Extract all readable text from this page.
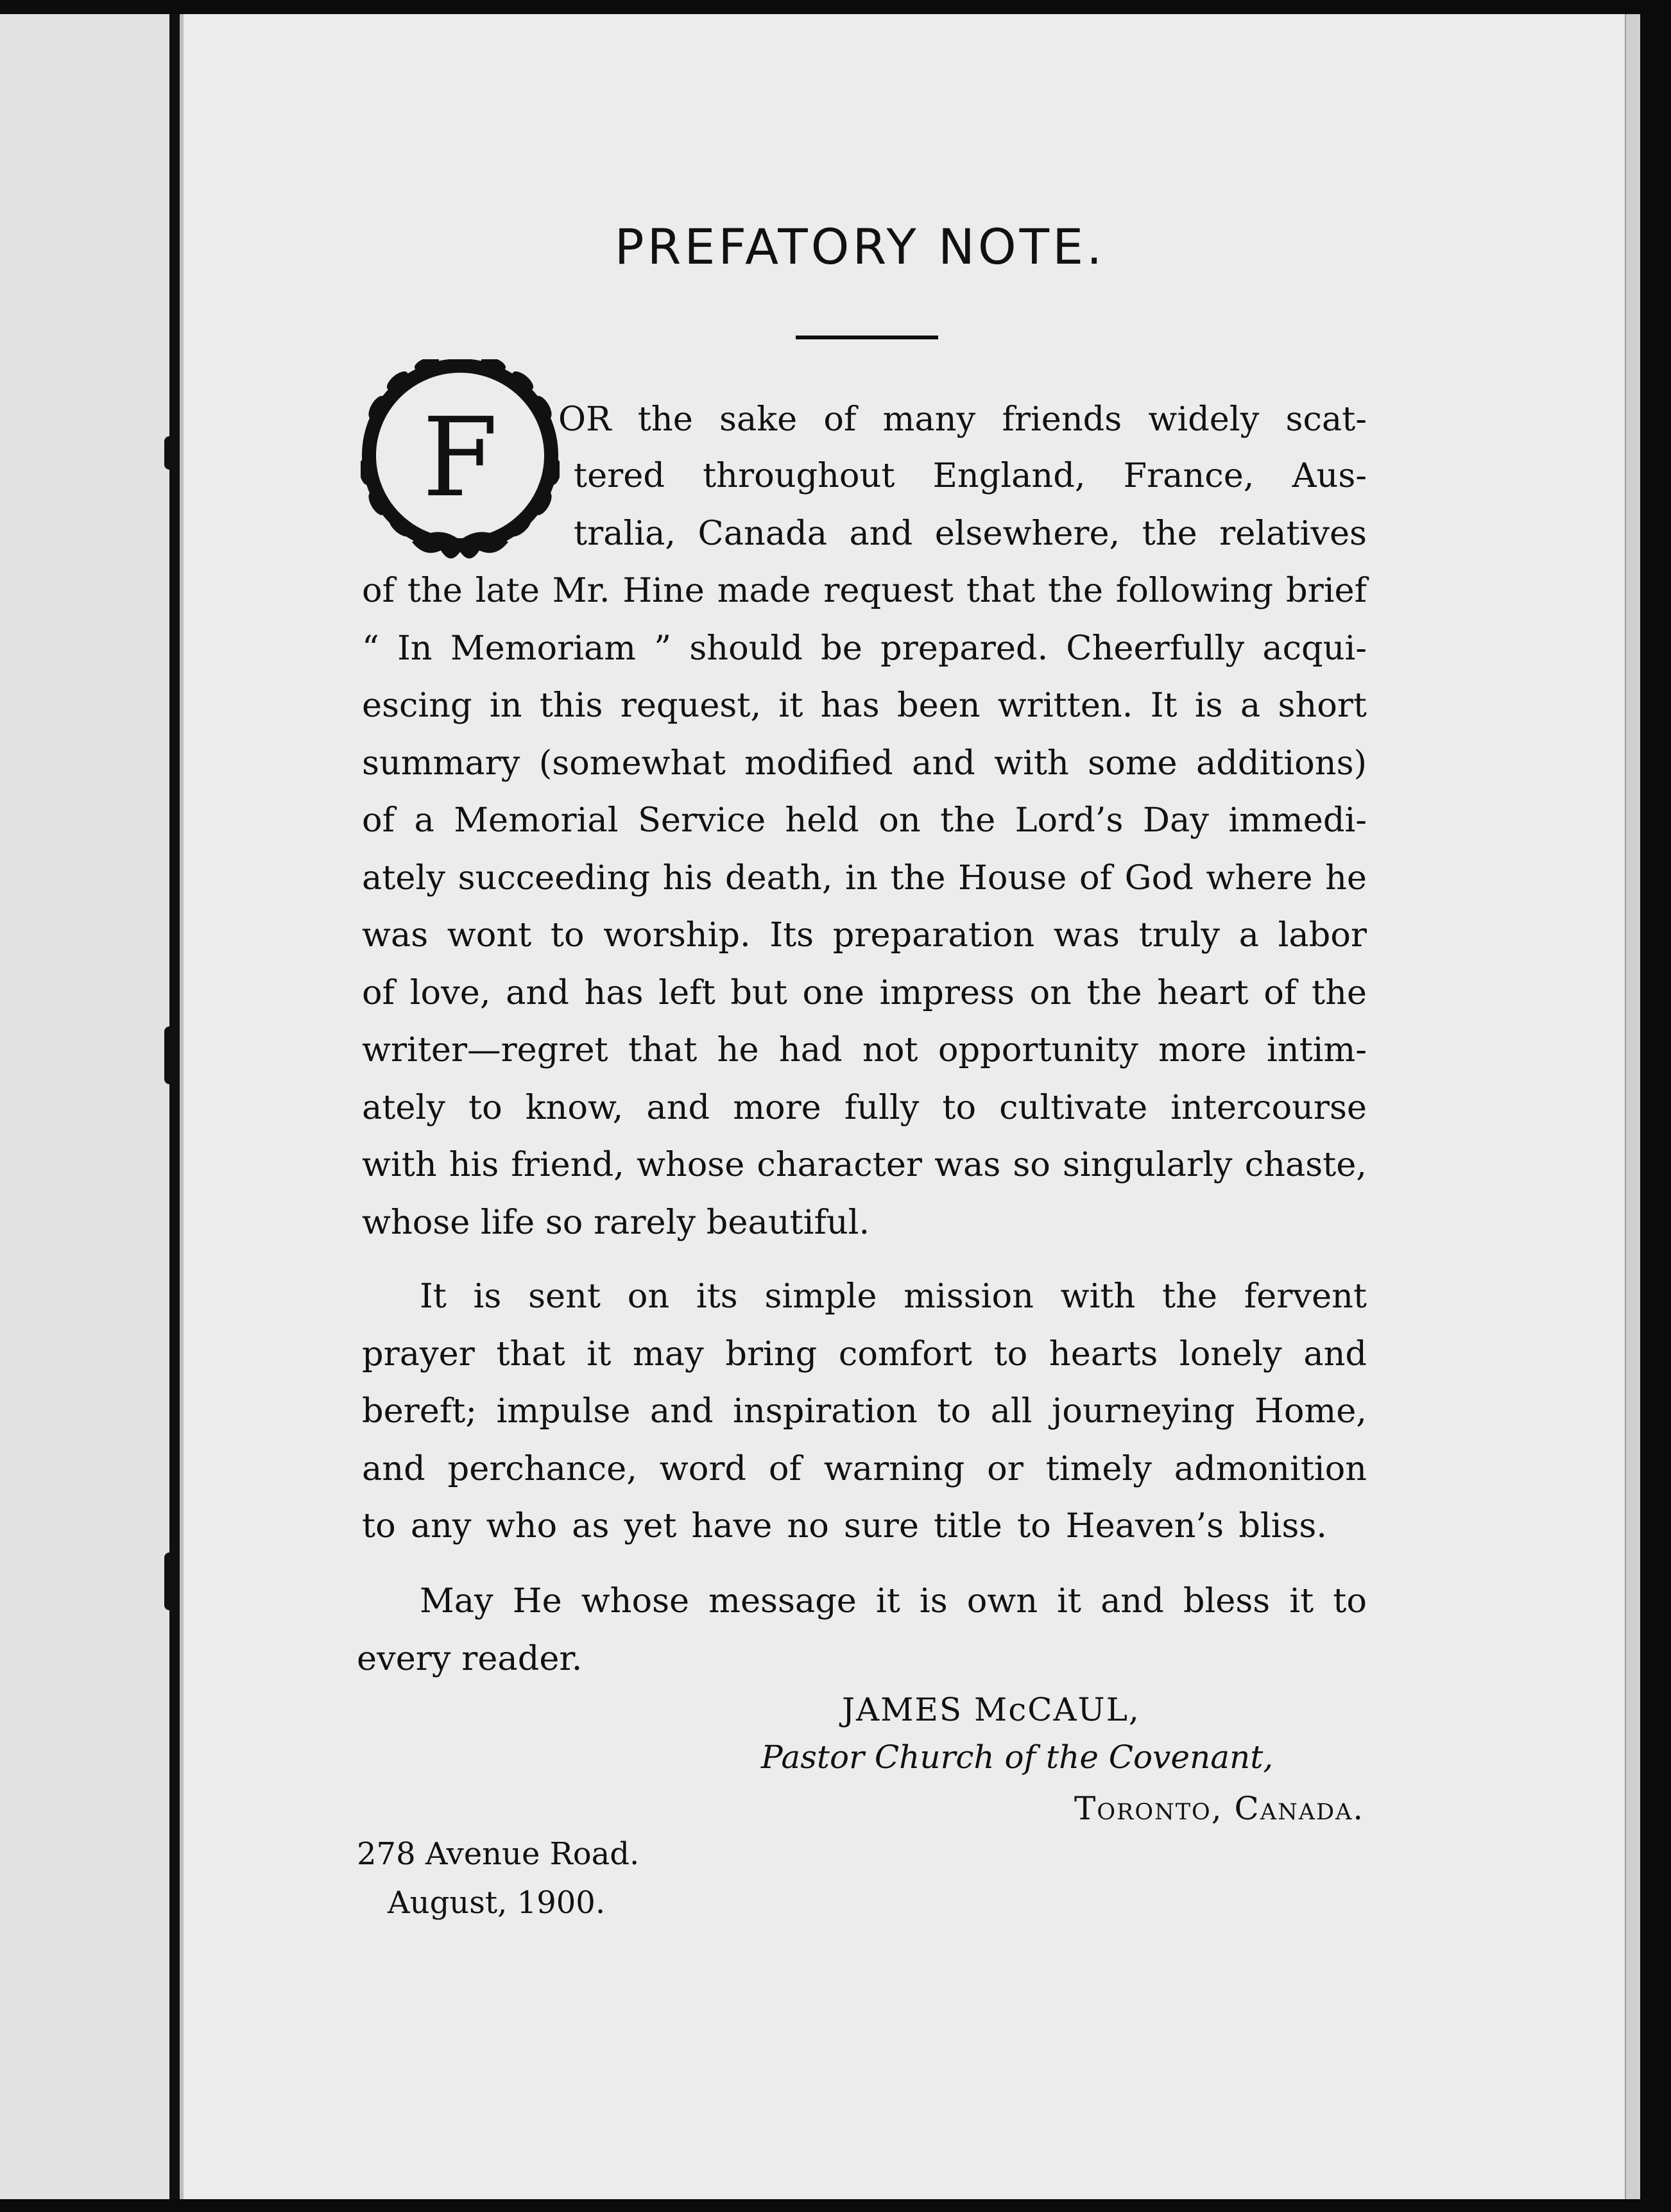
PREFATORY NOTE.
F OR the sake of many friends widely scat-
tered throughout England, France, Aus-
tralia, Canada and elsewhere, the relatives
of the late Mr. Hine made request that the following brief
“ In Memoriam ” should be prepared. Cheerfully acqui-
escing in this request, it has been written. It is a short
summary (somewhat modified and with some additions)
of a Memorial Service held on the Lord’s Day immedi-
ately succeeding his death, in the House of God where he
was wont to worship. Its preparation was truly a labor
of love, and has left but one impress on the heart of the
writer—regret that he had not opportunity more intim-
ately to know, and more fully to cultivate intercourse
with his friend, whose character was so singularly chaste,
whose life so rarely beautiful.
It is sent on its simple mission with the fervent
prayer that it may bring comfort to hearts lonely and
bereft; impulse and inspiration to all journeying Home,
and perchance, word of warning or timely admonition
to any who as yet have no sure title to Heaven’s bliss.
May He whose message it is own it and bless it to
every reader.
JAMES McCAUL,
Pastor Church of the Covenant,
Toronto, Canada.
278 Avenue Road.
August, 1900.
